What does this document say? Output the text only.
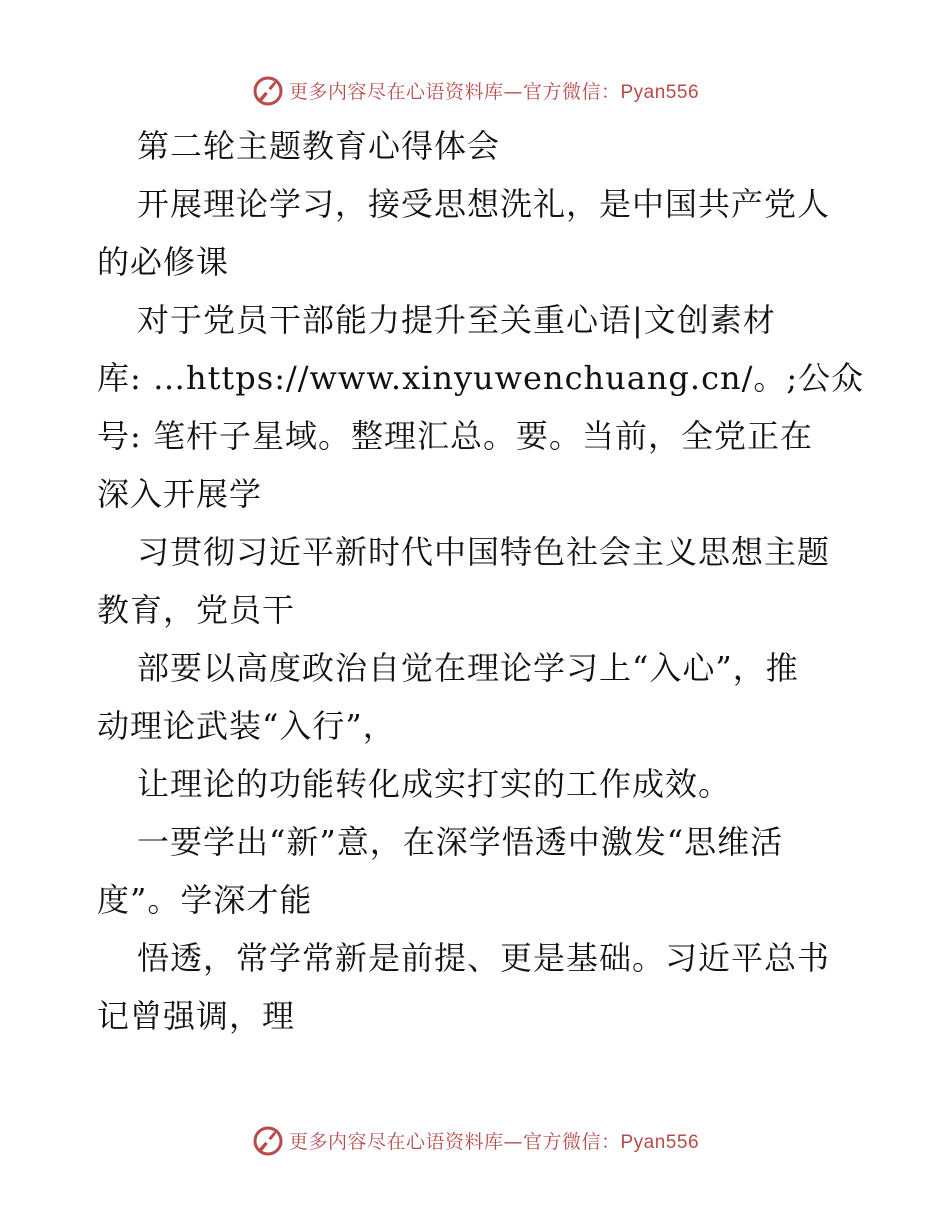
更多内容尽在心语资料库—官方微信：Pyan556
第二轮主题教育心得体会
开展理论学习，接受思想洗礼，是中国共产党人
的必修课
对于党员干部能力提升至关重心语|文创素材
库: …https://www.xinyuwenchuang.cn/。;公众
号: 笔杆子星域。整理汇总。要。当前，全党正在
深入开展学
习贯彻习近平新时代中国特色社会主义思想主题
教育，党员干
部要以高度政治自觉在理论学习上“入心”，推
动理论武装“入行”，
让理论的功能转化成实打实的工作成效。
一要学出“新”意，在深学悟透中激发“思维活
度”。学深才能
悟透，常学常新是前提、更是基础。习近平总书
记曾强调，理
更多内容尽在心语资料库—官方微信：Pyan556
